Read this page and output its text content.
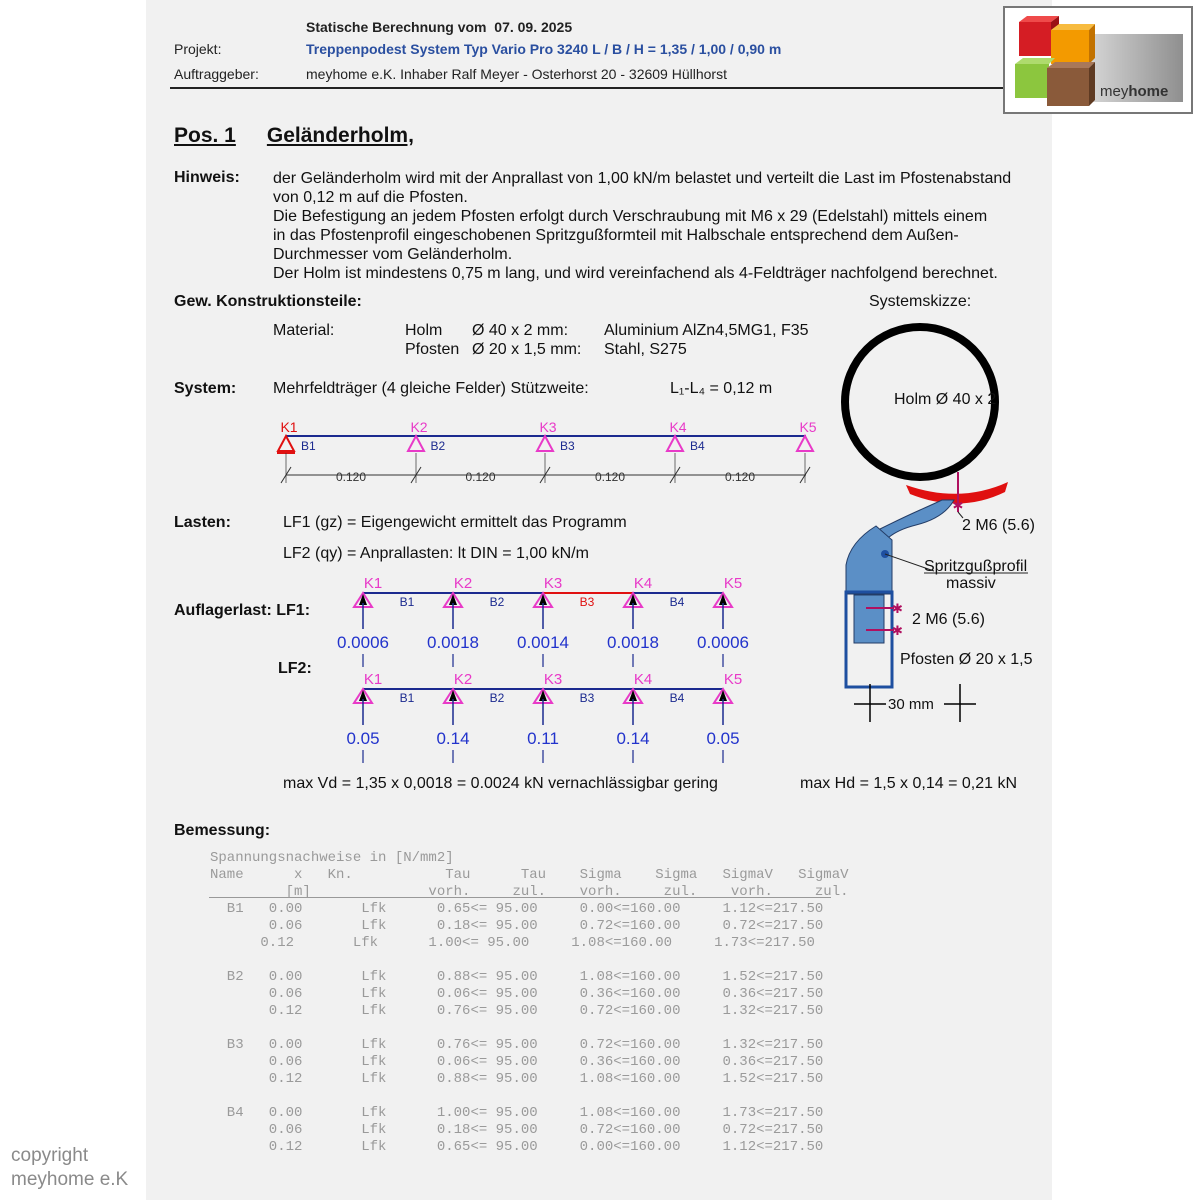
Statische Berechnung vom 07. 09. 2025
Projekt:	Treppenpodest System Typ Vario Pro 3240 L / B / H = 1,35 / 1,00 / 0,90 m
Auftraggeber:	meyhome e.K. Inhaber Ralf Meyer - Osterhorst 20 - 32609 Hüllhorst
meyhome
Pos. 1 Geländerholm,
Hinweis: der Geländerholm wird mit der Anprallast von 1,00 kN/m belastet und verteilt die Last im Pfostenabstand
von 0,12 m auf die Pfosten.
Die Befestigung an jedem Pfosten erfolgt durch Verschraubung mit M6 x 29 (Edelstahl) mittels einem
in das Pfostenprofil eingeschobenen Spritzgußformteil mit Halbschale entsprechend dem Außen-
Durchmesser vom Geländerholm.
Der Holm ist mindestens 0,75 m lang, und wird vereinfachend als 4-Feldträger nachfolgend berechnet.
Gew. Konstruktionsteile:
Material:	Holm Ø 40 x 2 mm: Aluminium AlZn4,5MG1, F35
Pfosten Ø 20 x 1,5 mm: Stahl, S275
System: Mehrfeldträger (4 gleiche Felder) Stützweite:	L₁-L₄ = 0,12 m
K1	K2	K3	K4	K5
B1
0.120
B2
0.120
B3
0.120
B4
0.120
Systemskizze:
Holm Ø 40 x 2
✱
2 M6 (5.6)
Spritzgußprofil
massiv
✱
✱
2 M6 (5.6)
Pfosten Ø 20 x 1,5
30 mm
Lasten:	LF1 (gz) = Eigengewicht ermittelt das Programm
LF2 (qy) = Anprallasten: lt DIN = 1,00 kN/m
Auflagerlast: LF1:
LF2:
B1	B2	B3	B4
K1
0.0006
K2
0.0018
K3
0.0014
K4
0.0018
K5
0.0006
B1	B2	B3	B4
K1
0.05
K2
0.14
K3
0.11
K4
0.14
K5
0.05
max Vd = 1,35 x 0,0018 = 0.0024 kN vernachlässigbar gering	max Hd = 1,5 x 0,14 = 0,21 kN
Bemessung:
Spannungsnachweise in [N/mm2]
Name      x   Kn.           Tau      Tau    Sigma    Sigma   SigmaV   SigmaV
[m]              vorh.     zul.    vorh.     zul.    vorh.     zul.
B1   0.00       Lfk      0.65<= 95.00     0.00<=160.00     1.12<=217.50
0.06       Lfk      0.18<= 95.00     0.72<=160.00     0.72<=217.50
0.12       Lfk      1.00<= 95.00     1.08<=160.00     1.73<=217.50

B2   0.00       Lfk      0.88<= 95.00     1.08<=160.00     1.52<=217.50
0.06       Lfk      0.06<= 95.00     0.36<=160.00     0.36<=217.50
0.12       Lfk      0.76<= 95.00     0.72<=160.00     1.32<=217.50

B3   0.00       Lfk      0.76<= 95.00     0.72<=160.00     1.32<=217.50
0.06       Lfk      0.06<= 95.00     0.36<=160.00     0.36<=217.50
0.12       Lfk      0.88<= 95.00     1.08<=160.00     1.52<=217.50

B4   0.00       Lfk      1.00<= 95.00     1.08<=160.00     1.73<=217.50
0.06       Lfk      0.18<= 95.00     0.72<=160.00     0.72<=217.50
0.12       Lfk      0.65<= 95.00     0.00<=160.00     1.12<=217.50
copyright
meyhome e.K
